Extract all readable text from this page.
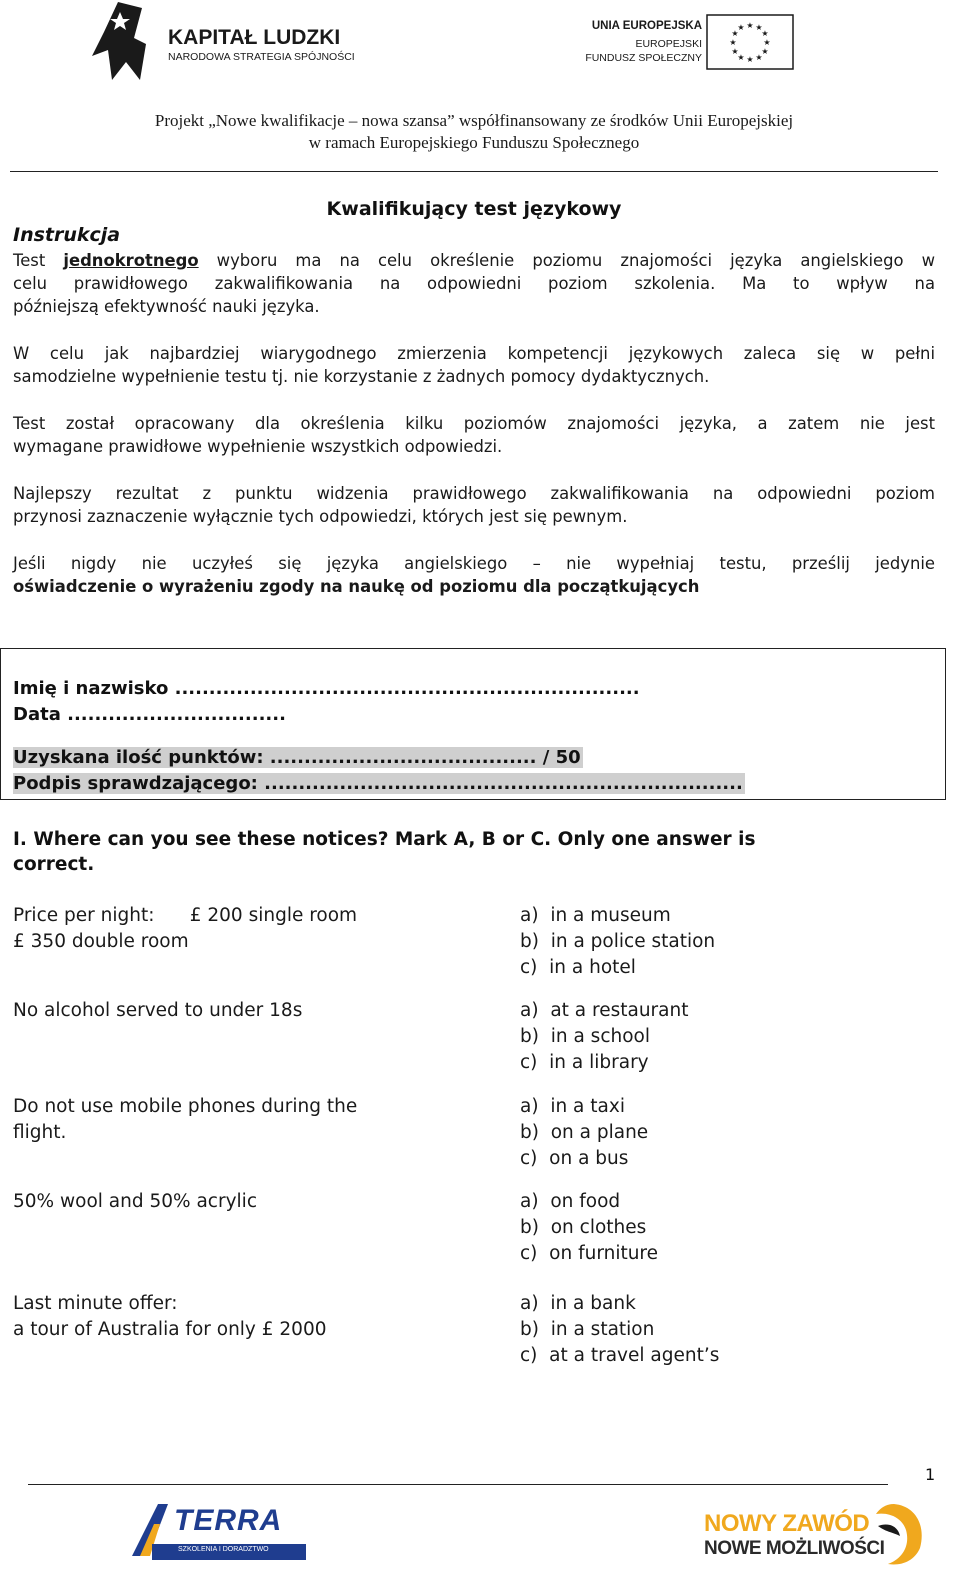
KAPITAŁ LUDZKI
NARODOWA STRATEGIA SPÓJNOŚCI
UNIA EUROPEJSKA
EUROPEJSKI
FUNDUSZ SPOŁECZNY
★ ★
★
★
★
★
★
★
★
★
★
★
Projekt „Nowe kwalifikacje – nowa szansa” współfinansowany ze środków Unii Europejskiej
w ramach Europejskiego Funduszu Społecznego
Kwalifikujący test językowy
Instrukcja
Test jednokrotnego wyboru ma na celu określenie poziomu znajomości języka angielskiego w
celu prawidłowego zakwalifikowania na odpowiedni poziom szkolenia. Ma to wpływ na
późniejszą efektywność nauki języka.
W celu jak najbardziej wiarygodnego zmierzenia kompetencji językowych zaleca się w pełni
samodzielne wypełnienie testu tj. nie korzystanie z żadnych pomocy dydaktycznych.
Test został opracowany dla określenia kilku poziomów znajomości języka, a zatem nie jest
wymagane prawidłowe wypełnienie wszystkich odpowiedzi.
Najlepszy rezultat z punktu widzenia prawidłowego zakwalifikowania na odpowiedni poziom
przynosi zaznaczenie wyłącznie tych odpowiedzi, których jest się pewnym.
Jeśli nigdy nie uczyłeś się języka angielskiego – nie wypełniaj testu, prześlij jedynie
oświadczenie o wyrażeniu zgody na naukę od poziomu dla początkujących
Imię i nazwisko ....................................................................
Data ................................
Uzyskana ilość punktów: ....................................... / 50
Podpis sprawdzającego: ......................................................................
I. Where can you see these notices? Mark A, B or C. Only one answer is
correct.
Price per night:      £ 200 single room
£ 350 double room
a)  in a museum
b)  in a police station
c)  in a hotel
No alcohol served to under 18s	a)  at a restaurant
b)  in a school
c)  in a library
Do not use mobile phones during the
flight.
a)  in a taxi
b)  on a plane
c)  on a bus
50% wool and 50% acrylic	a)  on food
b)  on clothes
c)  on furniture
Last minute offer:
a tour of Australia for only £ 2000
a)  in a bank
b)  in a station
c)  at a travel agent’s
1
TERRA
SZKOLENIA I DORADZTWO
NOWY ZAWÓD
NOWE MOŻLIWOŚCI
